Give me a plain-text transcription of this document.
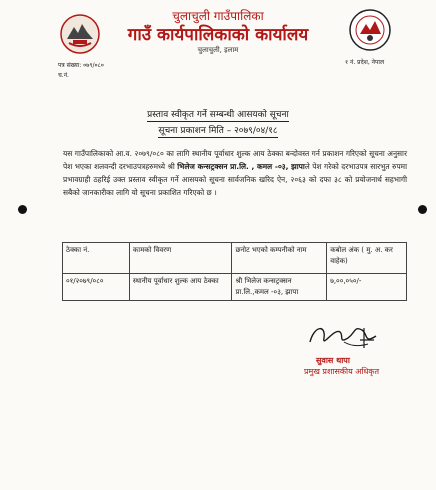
चुलाचुली गाउँपालिका
गाउँ कार्यपालिकाको कार्यालय
चुलाचुली, इलाम
१ नं. प्रदेश, नेपाल
पत्र संख्या: ०७९/०८०
च.नं.
प्रस्ताव स्वीकृत गर्ने सम्बन्धी आसयको सूचना
सूचना प्रकाशन मिति – २०७९/०४/१८
यस गाउँपालिकाको आ.व. २०७९/०८० का लागि स्थानीय पूर्वाधार शुल्क आय ठेक्का बन्दोवस्त गर्न प्रकाशन गरिएको सूचना अनुसार पेश भएका शलवन्दी दरभाउपत्रहरुमध्ये श्री भिलेज कन्सट्रक्सन प्रा.लि. , कमल -०३, झापाले पेश गरेको दरभाउपत्र सारभुत रुपमा प्रभावग्राही ठहरिई उक्त प्रस्ताव स्वीकृत गर्ने आसयको सूचना सार्वजनिक खरिद ऐन, २०६३ को दफा ३८ को प्रयोजनार्थ सहभागी सबैको जानकारीका लागि यो सूचना प्रकाशित गरिएको छ ।
ठेक्का नं.	कामको विवरण	छनोट भएको कम्पनीको नाम	कबोल अंक ( मु. अ. कर वाहेक)
०१/२०७९/०८०	स्थानीय पूर्वाधार शुल्क आय ठेक्का	श्री भिलेज कन्सट्रक्सन प्रा.लि.,कमल -०३, झापा	७,००,०५०/-
सुवास थापा
प्रमुख प्रशासकीय अधिकृत
